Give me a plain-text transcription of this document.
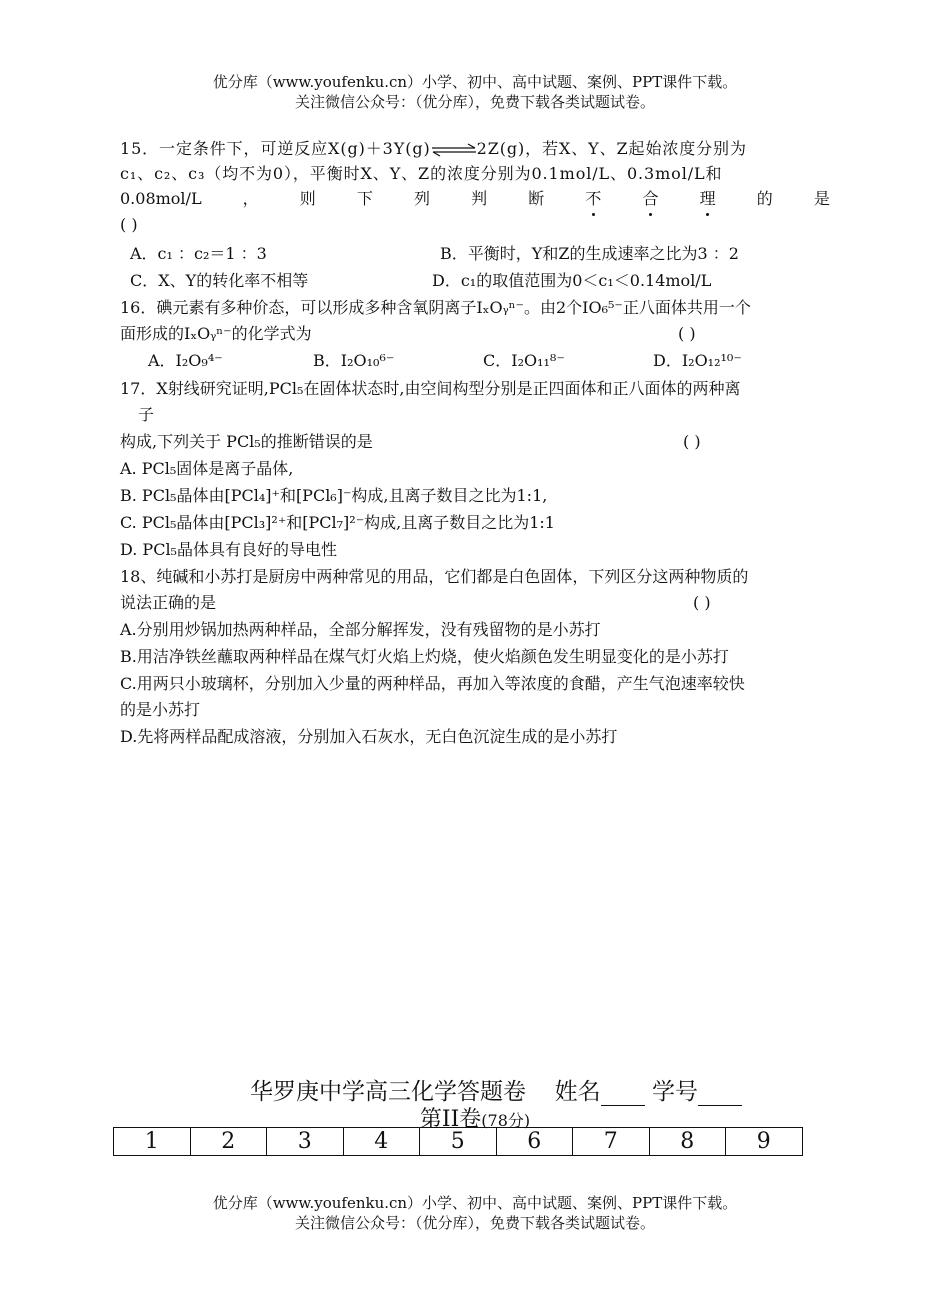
优分库（www.youfenku.cn）小学、初中、高中试题、案例、PPT课件下载。
关注微信公众号：（优分库），免费下载各类试题试卷。
15．一定条件下，可逆反应X(g)＋3Y(g)⇌2Z(g)，若X、Y、Z起始浓度分别为
c₁、c₂、c₃（均不为0），平衡时X、Y、Z的浓度分别为0.1mol/L、0.3mol/L和
0.08mol/L	，	则	下	列	判	断	不	合	理	的	是
( )
A．c₁ ：c₂＝1 ：3	B．平衡时，Y和Z的生成速率之比为3 ：2
C．X、Y的转化率不相等	D．c₁的取值范围为0＜c₁＜0.14mol/L
16．碘元素有多种价态，可以形成多种含氧阴离子IₓOᵧⁿ⁻。由2个IO₆⁵⁻正八面体共用一个
面形成的IₓOᵧⁿ⁻的化学式为	( )
A．I₂O₉⁴⁻	B．I₂O₁₀⁶⁻	C．I₂O₁₁⁸⁻	D．I₂O₁₂¹⁰⁻
17．X射线研究证明,PCl₅在固体状态时,由空间构型分别是正四面体和正八面体的两种离
子
构成,下列关于 PCl₅的推断错误的是	( )
A. PCl₅固体是离子晶体,
B. PCl₅晶体由[PCl₄]⁺和[PCl₆]⁻构成,且离子数目之比为1:1,
C. PCl₅晶体由[PCl₃]²⁺和[PCl₇]²⁻构成,且离子数目之比为1:1
D. PCl₅晶体具有良好的导电性
18、纯碱和小苏打是厨房中两种常见的用品，它们都是白色固体，下列区分这两种物质的
说法正确的是	( )
A.分别用炒锅加热两种样品，全部分解挥发，没有残留物的是小苏打
B.用洁净铁丝蘸取两种样品在煤气灯火焰上灼烧，使火焰颜色发生明显变化的是小苏打
C.用两只小玻璃杯，分别加入少量的两种样品，再加入等浓度的食醋，产生气泡速率较快
的是小苏打
D.先将两样品配成溶液，分别加入石灰水，无白色沉淀生成的是小苏打
华罗庚中学高三化学答题卷 姓名 学号
第II卷(78分)
1	2	3	4	5	6	7	8	9
优分库（www.youfenku.cn）小学、初中、高中试题、案例、PPT课件下载。
关注微信公众号：（优分库），免费下载各类试题试卷。
